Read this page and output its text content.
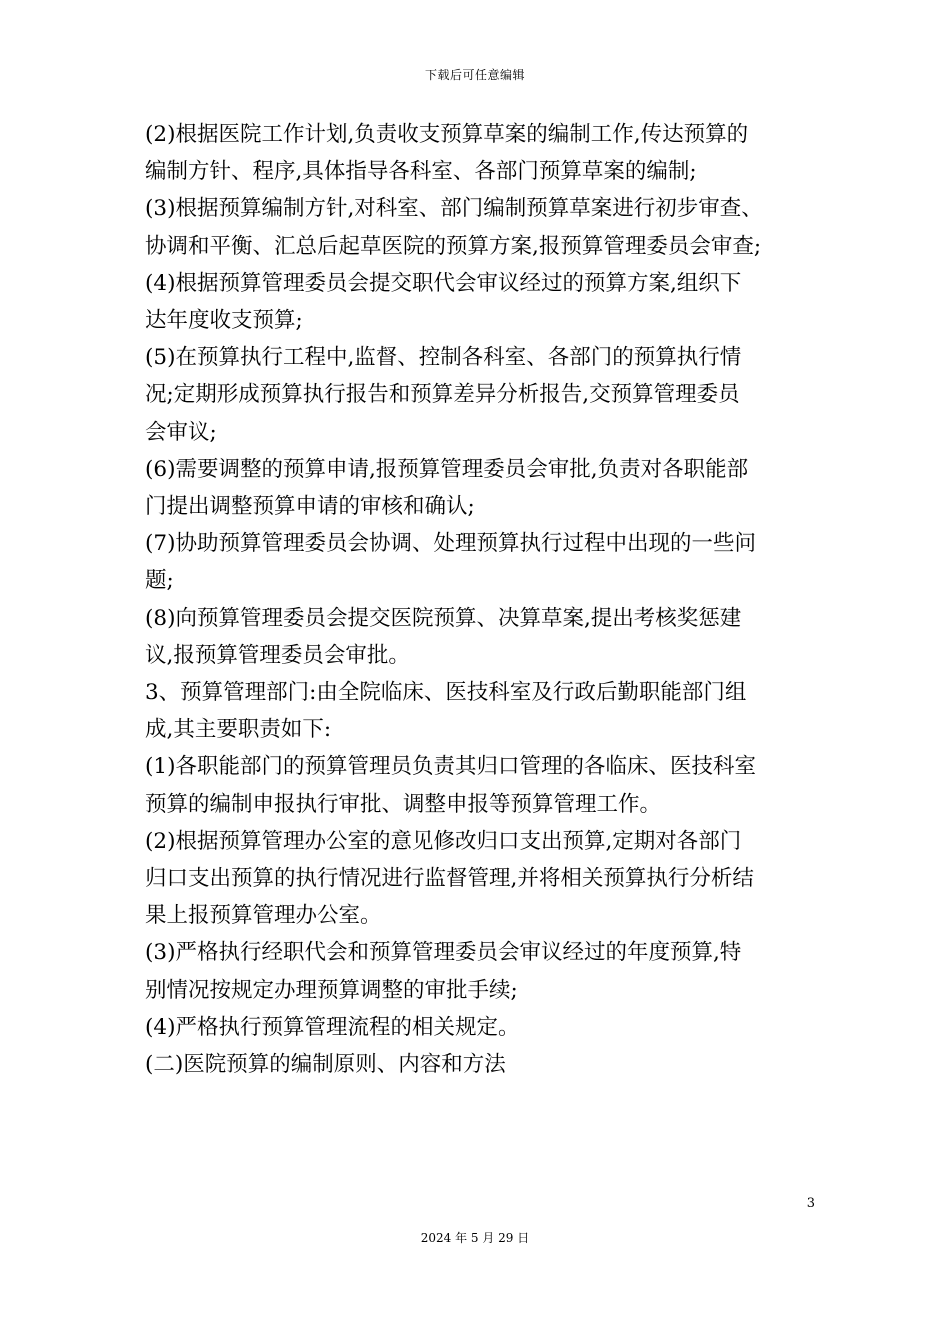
下载后可任意编辑
(2)根据医院工作计划,负责收支预算草案的编制工作,传达预算的
编制方针、程序,具体指导各科室、各部门预算草案的编制;
(3)根据预算编制方针,对科室、部门编制预算草案进行初步审查、
协调和平衡、汇总后起草医院的预算方案,报预算管理委员会审查;
(4)根据预算管理委员会提交职代会审议经过的预算方案,组织下
达年度收支预算;
(5)在预算执行工程中,监督、控制各科室、各部门的预算执行情
况;定期形成预算执行报告和预算差异分析报告,交预算管理委员
会审议;
(6)需要调整的预算申请,报预算管理委员会审批,负责对各职能部
门提出调整预算申请的审核和确认;
(7)协助预算管理委员会协调、处理预算执行过程中出现的一些问
题;
(8)向预算管理委员会提交医院预算、决算草案,提出考核奖惩建
议,报预算管理委员会审批。
3、预算管理部门:由全院临床、医技科室及行政后勤职能部门组
成,其主要职责如下:
(1)各职能部门的预算管理员负责其归口管理的各临床、医技科室
预算的编制申报执行审批、调整申报等预算管理工作。
(2)根据预算管理办公室的意见修改归口支出预算,定期对各部门
归口支出预算的执行情况进行监督管理,并将相关预算执行分析结
果上报预算管理办公室。
(3)严格执行经职代会和预算管理委员会审议经过的年度预算,特
别情况按规定办理预算调整的审批手续;
(4)严格执行预算管理流程的相关规定。
(二)医院预算的编制原则、内容和方法
3
2024 年 5 月 29 日
